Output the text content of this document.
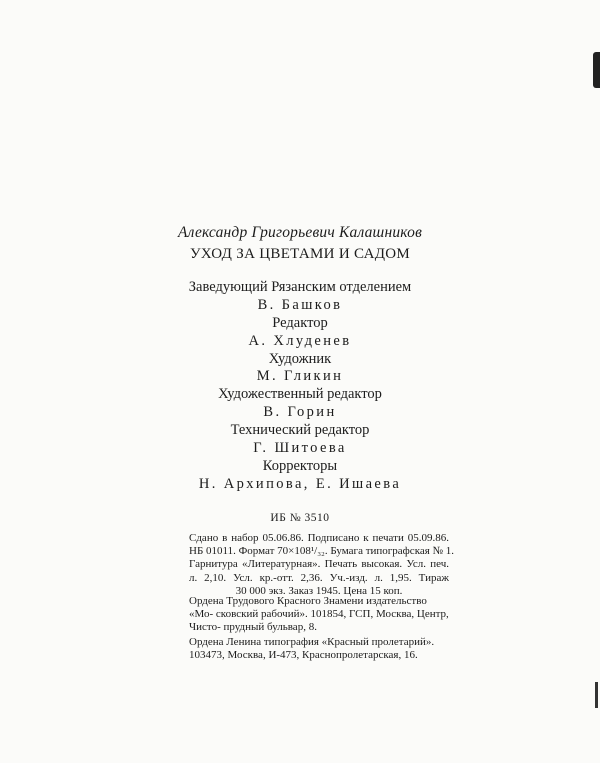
Александр Григорьевич Калашников
УХОД ЗА ЦВЕТАМИ И САДОМ
Заведующий Рязанским отделением
В. Башков
Редактор
А. Хлуденев
Художник
М. Гликин
Художественный редактор
В. Горин
Технический редактор
Г. Шитоева
Корректоры
Н. Архипова, Е. Ишаева
ИБ № 3510
Сдано в набор 05.06.86. Подписано к печати 05.09.86.
НБ 01011. Формат 70×108¹/₃₂. Бумага типографская № 1.
Гарнитура «Литературная». Печать высокая. Усл. печ.
л. 2,10. Усл. кр.-отт. 2,36. Уч.-изд. л. 1,95. Тираж
30 000 экз. Заказ 1945. Цена 15 коп.
Ордена Трудового Красного Знамени издательство «Мо- сковский рабочий». 101854, ГСП, Москва, Центр, Чисто- прудный бульвар, 8.
Ордена Ленина типография «Красный пролетарий». 103473, Москва, И-473, Краснопролетарская, 16.
